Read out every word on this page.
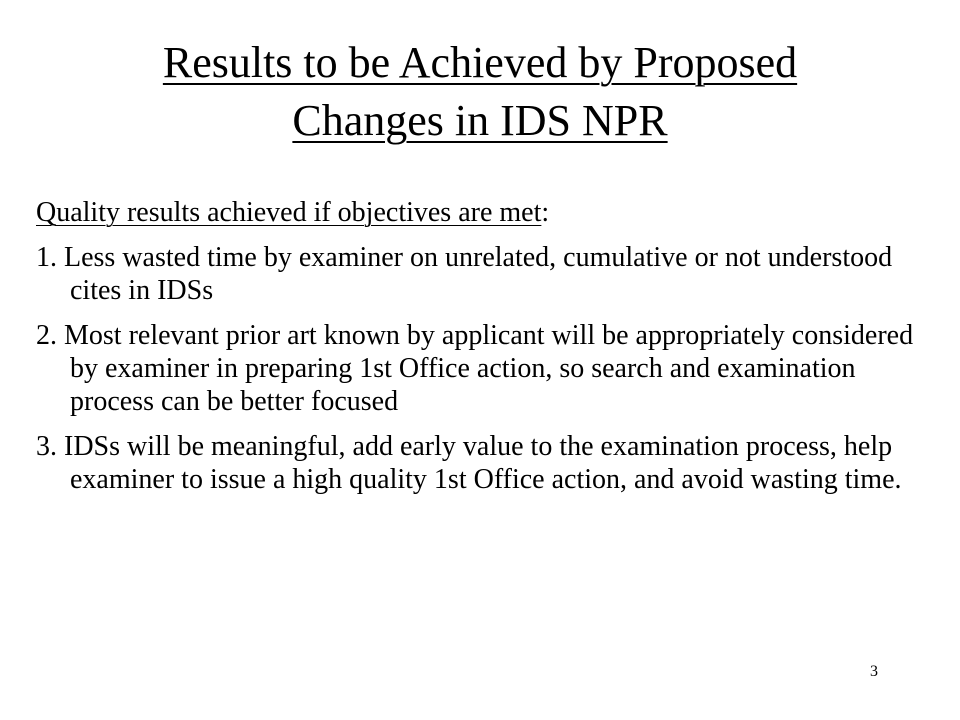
Results to be Achieved by Proposed
Changes in IDS NPR
Quality results achieved if objectives are met:
1. Less wasted time by examiner on unrelated, cumulative or not understood cites in IDSs
2. Most relevant prior art known by applicant will be appropriately considered by examiner in preparing 1st Office action, so search and examination process can be better focused
3. IDSs will be meaningful, add early value to the examination process, help examiner to issue a high quality 1st Office action, and avoid wasting time.
3
